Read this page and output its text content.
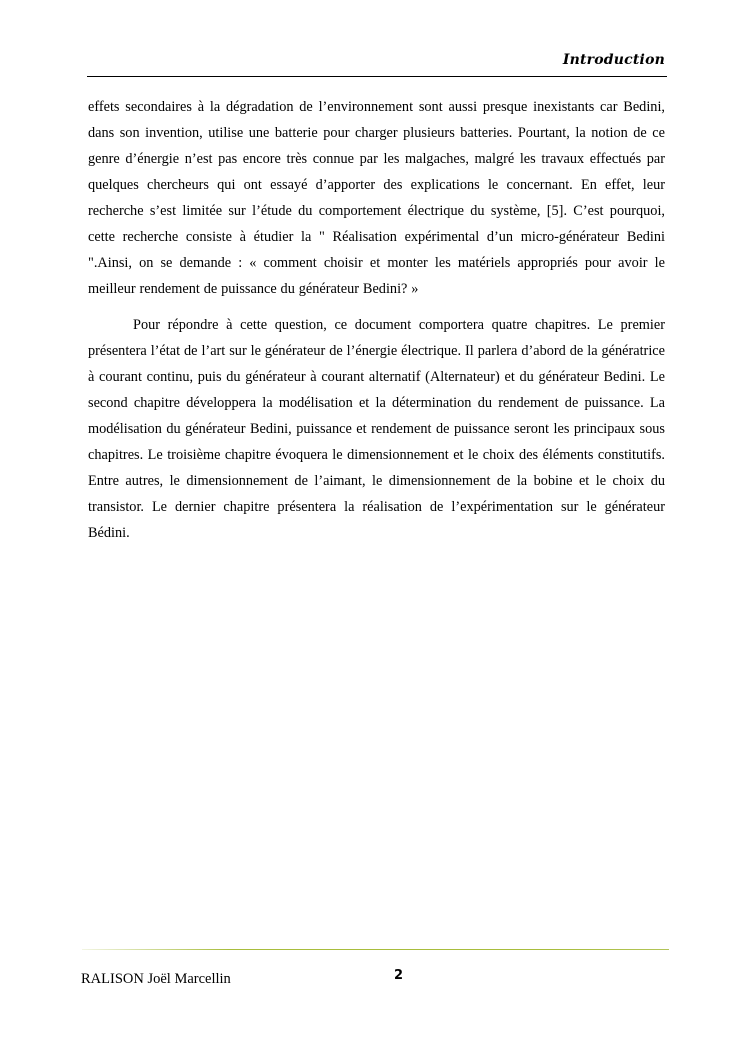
Introduction

effets secondaires à la dégradation de l’environnement sont aussi presque inexistants car Bedini, dans son invention, utilise une batterie pour charger plusieurs batteries. Pourtant, la notion de ce genre d’énergie n’est pas encore très connue par les malgaches, malgré les travaux effectués par quelques chercheurs qui ont essayé d’apporter des explications le concernant. En effet, leur recherche s’est limitée sur l’étude du comportement électrique du système, [5]. C’est pourquoi, cette recherche consiste à étudier la " Réalisation expérimental d’un micro-générateur Bedini ".Ainsi, on se demande : « comment choisir et monter les matériels appropriés pour avoir le meilleur rendement de puissance du générateur Bedini? »

Pour répondre à cette question, ce document comportera quatre chapitres. Le premier présentera l’état de l’art sur le générateur de l’énergie électrique. Il parlera d’abord de la génératrice à courant continu, puis du générateur à courant alternatif (Alternateur) et du générateur Bedini. Le second chapitre développera la modélisation et la détermination du rendement de puissance. La modélisation du générateur Bedini, puissance et rendement de puissance seront les principaux sous chapitres. Le troisième chapitre évoquera le dimensionnement et le choix des éléments constitutifs. Entre autres, le dimensionnement de l’aimant, le dimensionnement de la bobine et le choix du transistor. Le dernier chapitre présentera la réalisation de l’expérimentation sur le générateur Bédini.

RALISON Joël Marcellin	2
